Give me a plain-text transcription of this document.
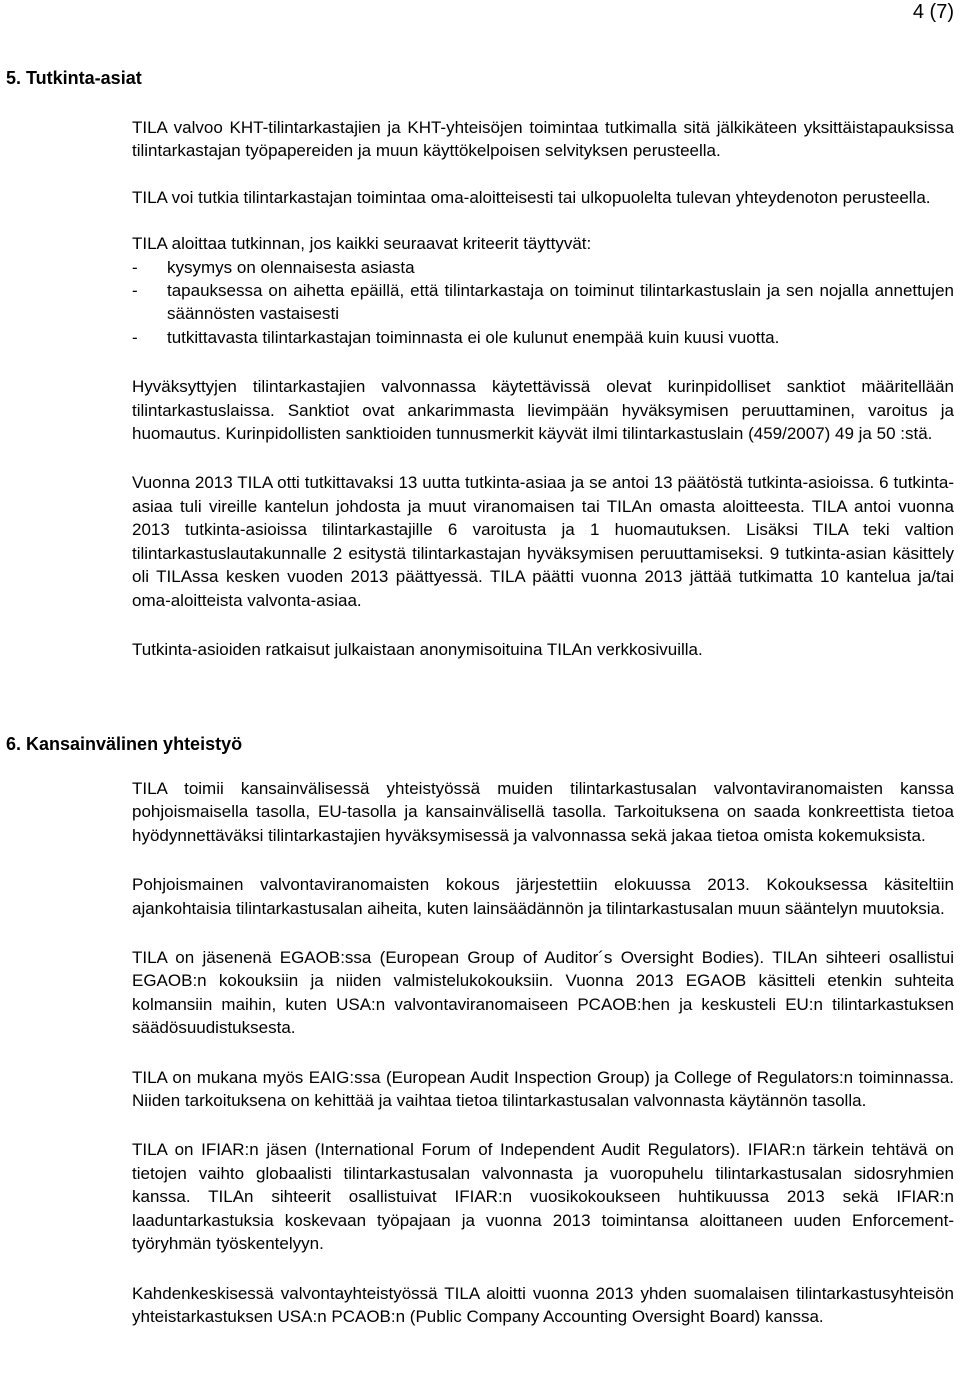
4 (7)
5. Tutkinta-asiat

TILA valvoo KHT-tilintarkastajien ja KHT-yhteisöjen toimintaa tutkimalla sitä jälkikäteen yksittäistapauksissa tilintarkastajan työpapereiden ja muun käyttökelpoisen selvityksen perusteella.

TILA voi tutkia tilintarkastajan toimintaa oma-aloitteisesti tai ulkopuolelta tulevan yhteydenoton perusteella.

TILA aloittaa tutkinnan, jos kaikki seuraavat kriteerit täyttyvät:

- kysymys on olennaisesta asiasta
- tapauksessa on aihetta epäillä, että tilintarkastaja on toiminut tilintarkastuslain ja sen nojalla annettujen säännösten vastaisesti
- tutkittavasta tilintarkastajan toiminnasta ei ole kulunut enempää kuin kuusi vuotta.

Hyväksyttyjen tilintarkastajien valvonnassa käytettävissä olevat kurinpidolliset sanktiot määritellään tilintarkastuslaissa. Sanktiot ovat ankarimmasta lievimpään hyväksymisen peruuttaminen, varoitus ja huomautus. Kurinpidollisten sanktioiden tunnusmerkit käyvät ilmi tilintarkastuslain (459/2007) 49 ja 50 :stä.

Vuonna 2013 TILA otti tutkittavaksi 13 uutta tutkinta-asiaa ja se antoi 13 päätöstä tutkinta-asioissa. 6 tutkinta-asiaa tuli vireille kantelun johdosta ja muut viranomaisen tai TILAn omasta aloitteesta. TILA antoi vuonna 2013 tutkinta-asioissa tilintarkastajille 6 varoitusta ja 1 huomautuksen. Lisäksi TILA teki valtion tilintarkastuslautakunnalle 2 esitystä tilintarkastajan hyväksymisen peruuttamiseksi. 9 tutkinta-asian käsittely oli TILAssa kesken vuoden 2013 päättyessä. TILA päätti vuonna 2013 jättää tutkimatta 10 kantelua ja/tai oma-aloitteista valvonta-asiaa.

Tutkinta-asioiden ratkaisut julkaistaan anonymisoituina TILAn verkkosivuilla.

6. Kansainvälinen yhteistyö

TILA toimii kansainvälisessä yhteistyössä muiden tilintarkastusalan valvontaviranomaisten kanssa pohjoismaisella tasolla, EU-tasolla ja kansainvälisellä tasolla. Tarkoituksena on saada konkreettista tietoa hyödynnettäväksi tilintarkastajien hyväksymisessä ja valvonnassa sekä jakaa tietoa omista kokemuksista.

Pohjoismainen valvontaviranomaisten kokous järjestettiin elokuussa 2013. Kokouksessa käsiteltiin ajankohtaisia tilintarkastusalan aiheita, kuten lainsäädännön ja tilintarkastusalan muun sääntelyn muutoksia.

TILA on jäsenenä EGAOB:ssa (European Group of Auditor´s Oversight Bodies). TILAn sihteeri osallistui EGAOB:n kokouksiin ja niiden valmistelukokouksiin. Vuonna 2013 EGAOB käsitteli etenkin suhteita kolmansiin maihin, kuten USA:n valvontaviranomaiseen PCAOB:hen ja keskusteli EU:n tilintarkastuksen säädösuudistuksesta.

TILA on mukana myös EAIG:ssa (European Audit Inspection Group) ja College of Regulators:n toiminnassa. Niiden tarkoituksena on kehittää ja vaihtaa tietoa tilintarkastusalan valvonnasta käytännön tasolla.

TILA on IFIAR:n jäsen (International Forum of Independent Audit Regulators). IFIAR:n tärkein tehtävä on tietojen vaihto globaalisti tilintarkastusalan valvonnasta ja vuoropuhelu tilintarkastusalan sidosryhmien kanssa. TILAn sihteerit osallistuivat IFIAR:n vuosikokoukseen huhtikuussa 2013 sekä IFIAR:n laaduntarkastuksia koskevaan työpajaan ja vuonna 2013 toimintansa aloittaneen uuden Enforcement-työryhmän työskentelyyn.

Kahdenkeskisessä valvontayhteistyössä TILA aloitti vuonna 2013 yhden suomalaisen tilintarkastusyhteisön yhteistarkastuksen USA:n PCAOB:n (Public Company Accounting Oversight Board) kanssa.
